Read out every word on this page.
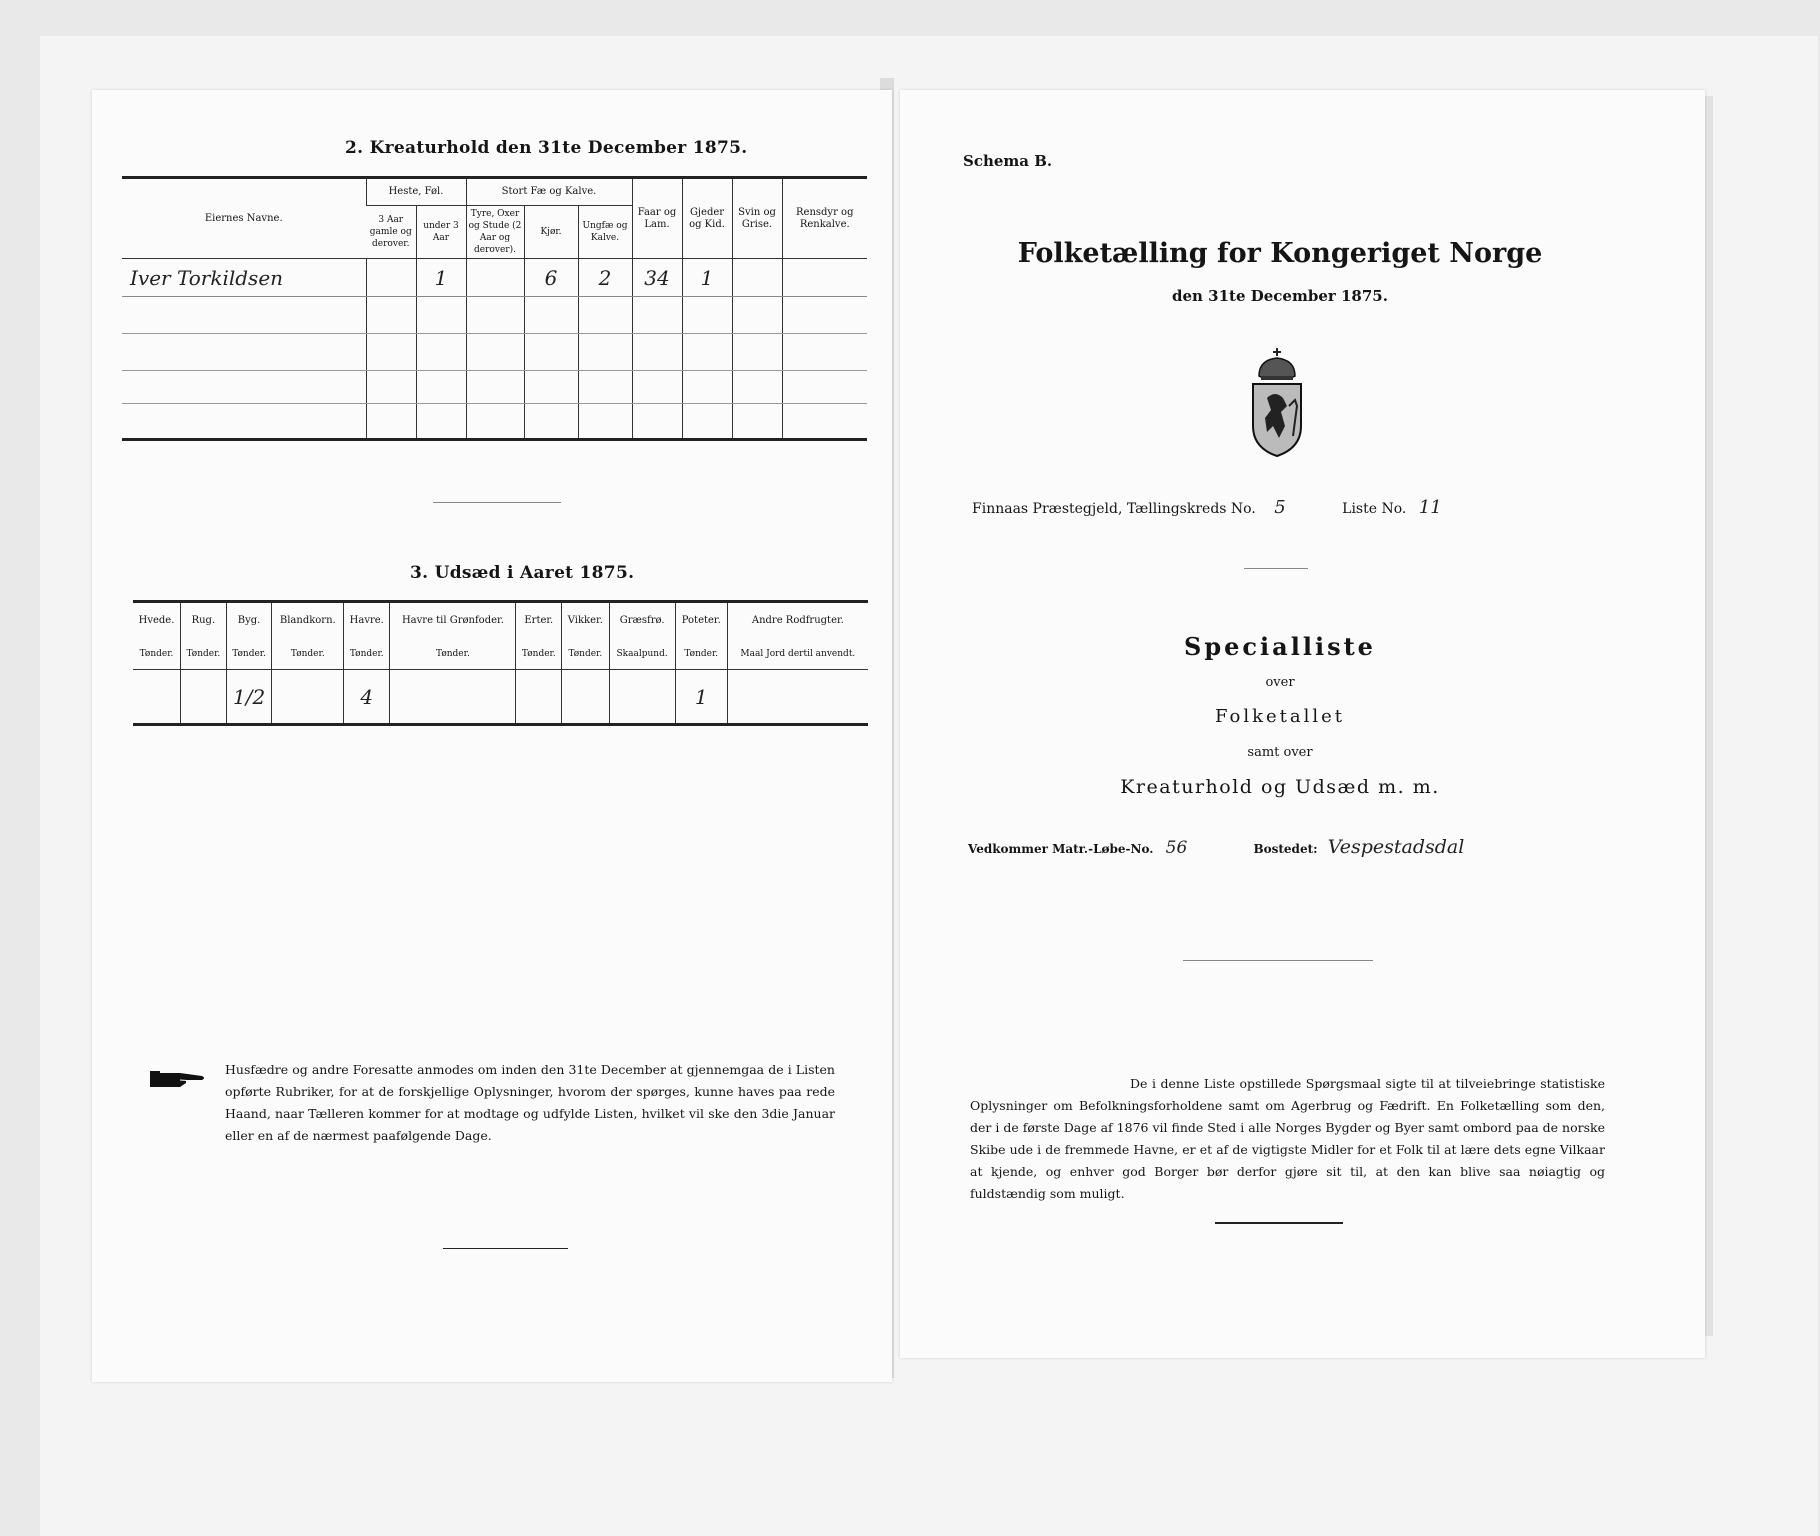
2. Kreaturhold den 31te December 1875.
Eiernes Navne.	Heste, Føl.		Stort Fæ og Kalve.			Faar og Lam.	Gjeder og Kid.	Svin og Grise.	Rensdyr og Renkalve.
	3 Aar gamle og derover.	under 3 Aar	Tyre, Oxer og Stude (2 Aar og derover).	Kjør.	Ungfæ og Kalve.				
Iver Torkildsen		1		6	2	34	1		

3. Udsæd i Aaret 1875.
Hvede.	Rug.	Byg.	Blandkorn.	Havre.	Havre til Grønfoder.	Erter.	Vikker.	Græsfrø.	Poteter.	Andre Rodfrugter.
Tønder.	Tønder.	Tønder.	Tønder.	Tønder.	Tønder.	Tønder.	Tønder.	Skaalpund.	Tønder.	Maal Jord dertil anvendt.
		1/2		4					1	
Husfædre og andre Foresatte anmodes om inden den 31te December at gjennemgaa de i Listen opførte Rubriker, for at de forskjellige Oplysninger, hvorom der spørges, kunne haves paa rede Haand, naar Tælleren kommer for at modtage og udfylde Listen, hvilket vil ske den 3die Januar eller en af de nærmest paafølgende Dage.
Schema B.
Folketælling for Kongeriget Norge
den 31te December 1875.
Finnaas Præstegjeld, Tællingskreds No. 5	Liste No. 11
Specialliste
over
Folketallet
samt over
Kreaturhold og Udsæd m. m.
Vedkommer Matr.-Løbe-No. 56	Bostedet: Vespestadsdal
De i denne Liste opstillede Spørgsmaal sigte til at tilveiebringe statistiske Oplysninger om Befolkningsforholdene samt om Agerbrug og Fædrift. En Folketælling som den, der i de første Dage af 1876 vil finde Sted i alle Norges Bygder og Byer samt ombord paa de norske Skibe ude i de fremmede Havne, er et af de vigtigste Midler for et Folk til at lære dets egne Vilkaar at kjende, og enhver god Borger bør derfor gjøre sit til, at den kan blive saa nøiagtig og fuldstændig som muligt.
